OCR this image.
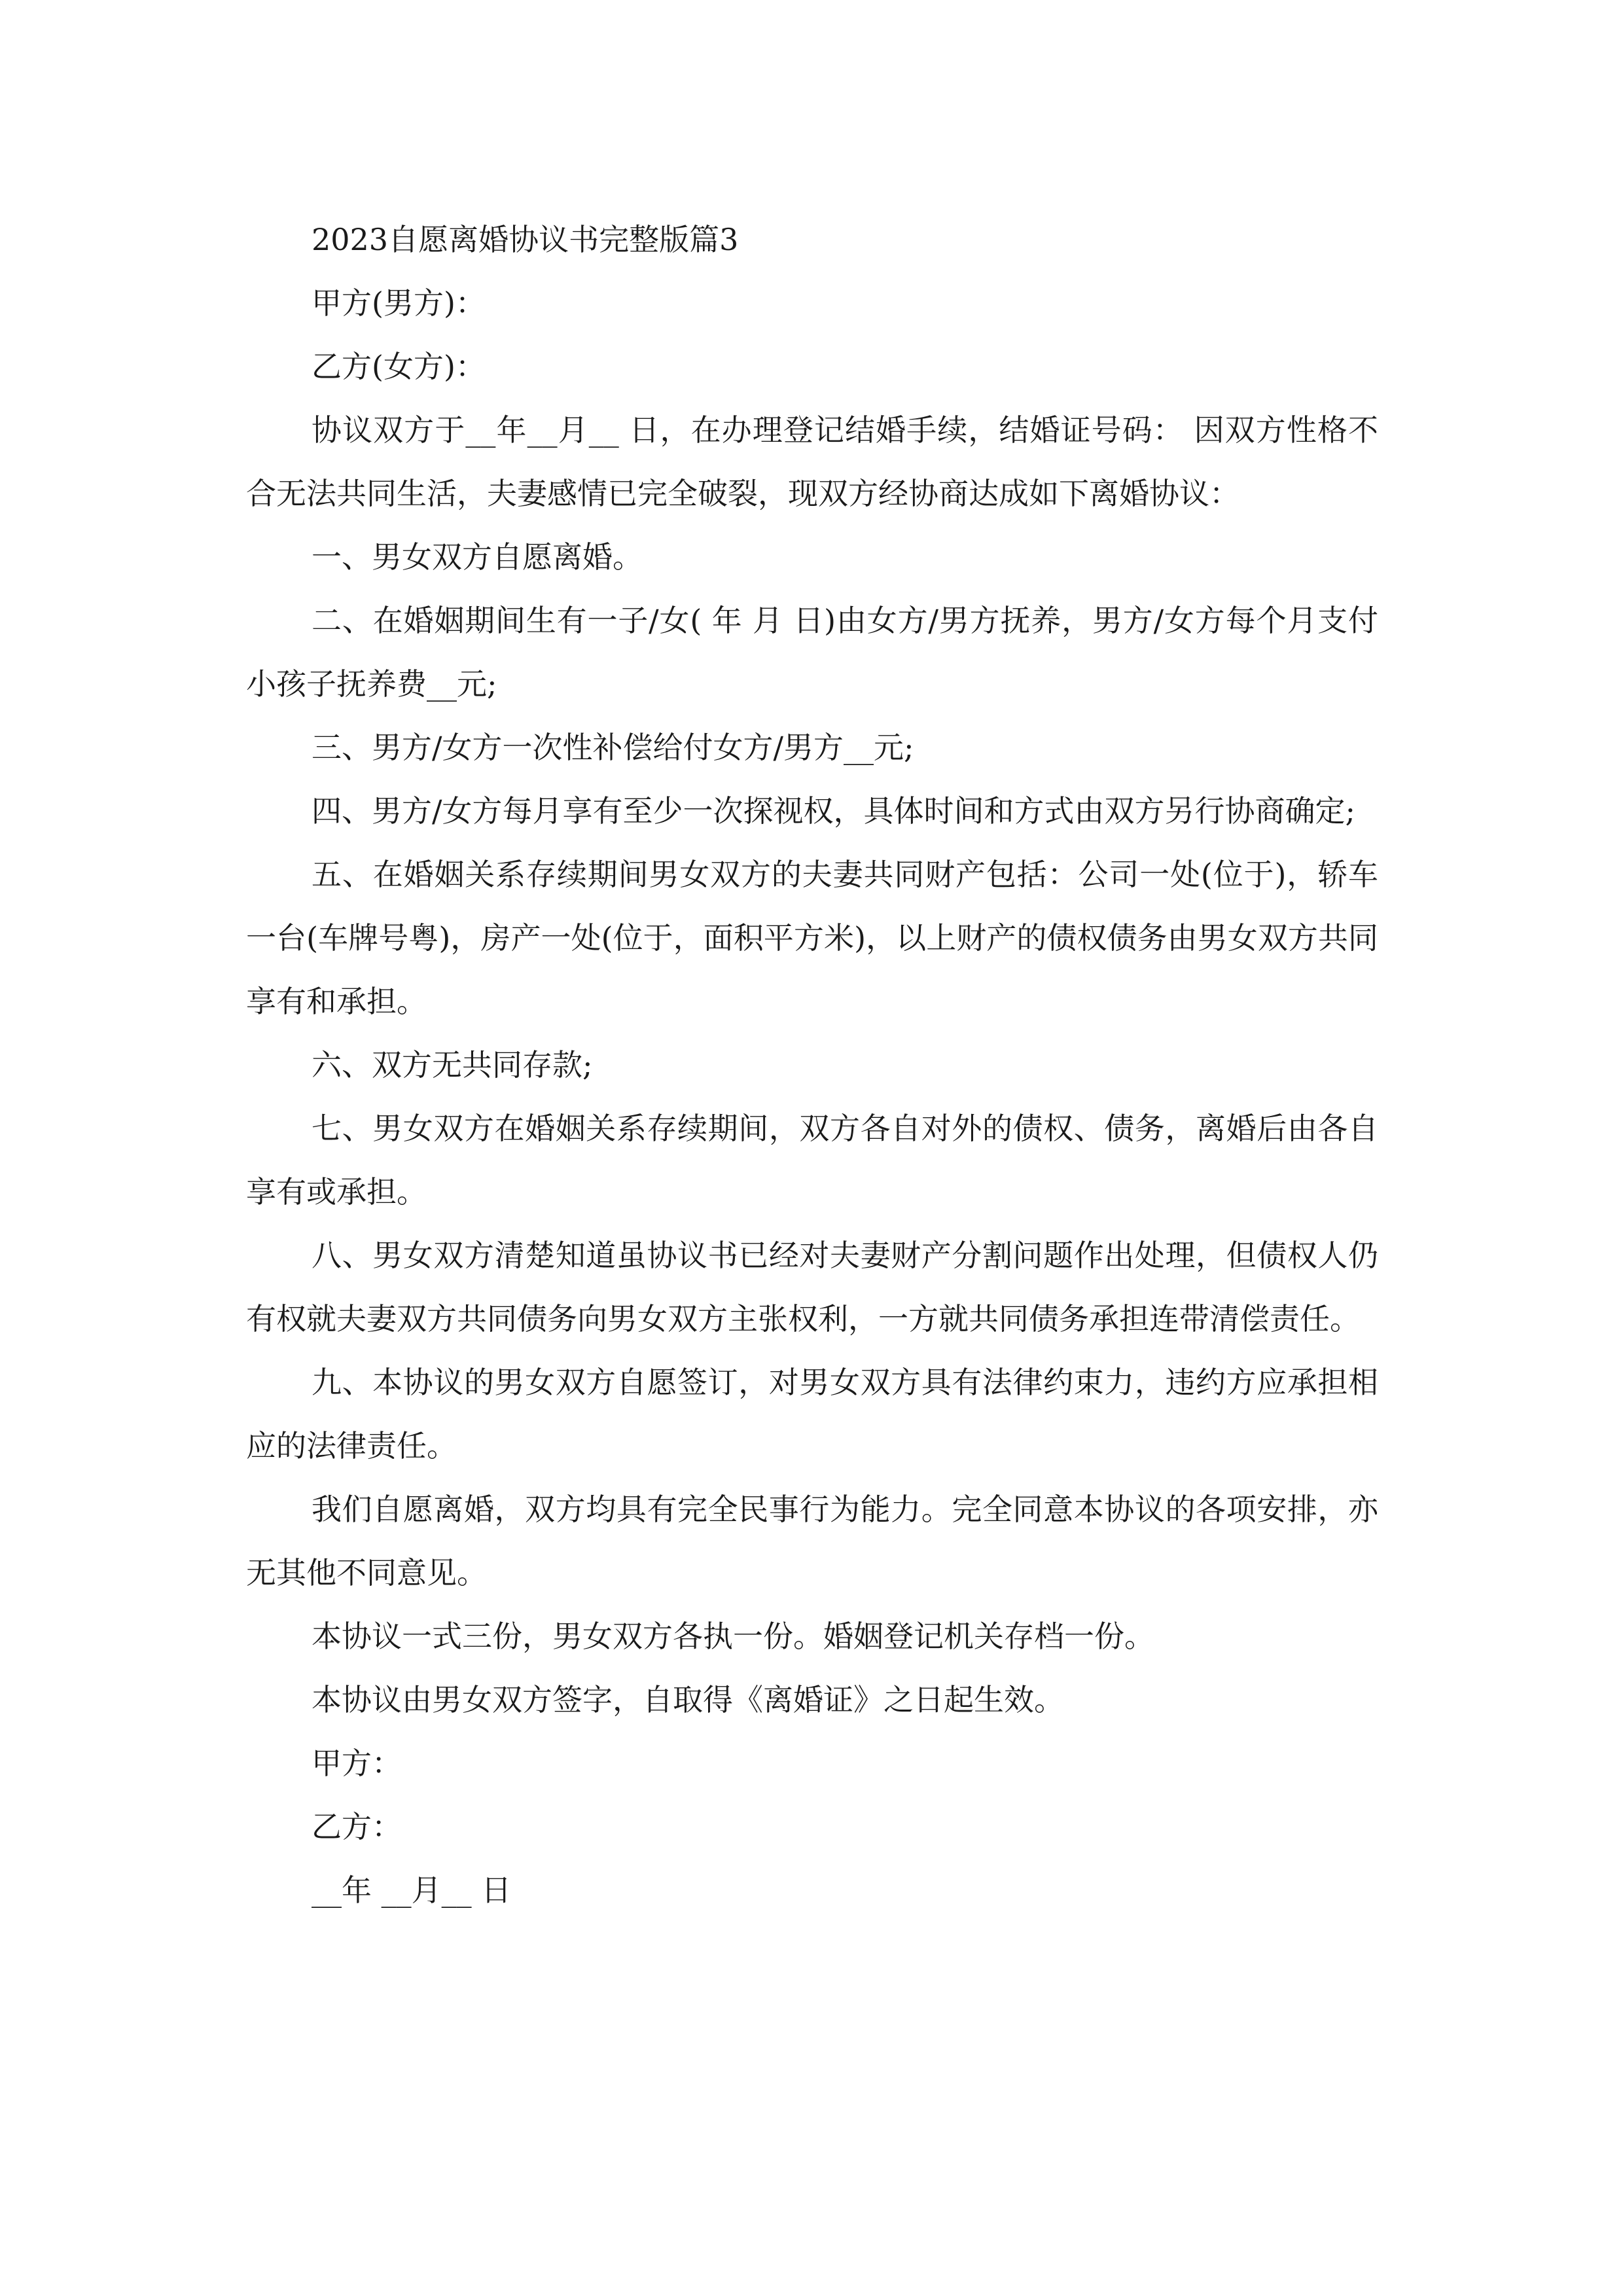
2023自愿离婚协议书完整版篇3
甲方(男方)：
乙方(女方)：

协议双方于__年__月__ 日，在办理登记结婚手续，结婚证号码： 因双方性格不合无法共同生活，夫妻感情已完全破裂，现双方经协商达成如下离婚协议：

一、男女双方自愿离婚。

二、在婚姻期间生有一子/女( 年 月 日)由女方/男方抚养，男方/女方每个月支付小孩子抚养费__元;

三、男方/女方一次性补偿给付女方/男方__元;

四、男方/女方每月享有至少一次探视权，具体时间和方式由双方另行协商确定;

五、在婚姻关系存续期间男女双方的夫妻共同财产包括：公司一处(位于)，轿车一台(车牌号粤)，房产一处(位于，面积平方米)，以上财产的债权债务由男女双方共同享有和承担。

六、双方无共同存款;

七、男女双方在婚姻关系存续期间，双方各自对外的债权、债务，离婚后由各自享有或承担。

八、男女双方清楚知道虽协议书已经对夫妻财产分割问题作出处理，但债权人仍有权就夫妻双方共同债务向男女双方主张权利，一方就共同债务承担连带清偿责任。

九、本协议的男女双方自愿签订，对男女双方具有法律约束力，违约方应承担相应的法律责任。

我们自愿离婚，双方均具有完全民事行为能力。完全同意本协议的各项安排，亦无其他不同意见。

本协议一式三份，男女双方各执一份。婚姻登记机关存档一份。
本协议由男女双方签字，自取得《离婚证》之日起生效。
甲方：
乙方：
__年 __月__ 日
